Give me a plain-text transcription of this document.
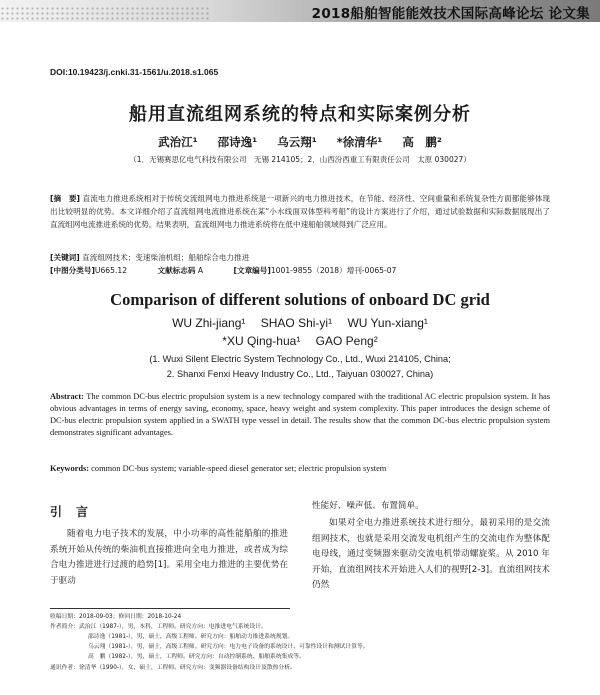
2018船舶智能能效技术国际高峰论坛 论文集
DOI:10.19423/j.cnki.31-1561/u.2018.s1.065
船用直流组网系统的特点和实际案例分析
武治江¹ 邵诗逸¹ 乌云翔¹ *徐清华¹ 高　鹏²
（1．无锡赛思亿电气科技有限公司　无锡 214105；2．山西汾西重工有限责任公司　太原 030027）
[摘　要] 直流电力推进系统相对于传统交流组网电力推进系统是一项新兴的电力推进技术，在节能、经济性、空间重量和系统复杂性方面都能够体现出比较明显的优势。本文详细介绍了直流组网电流推进系统在某“小水线面双体型科考船”的设计方案进行了介绍，通过试验数据和实际数据展现出了直流组网电流推进系统的优势。结果表明，直流组网电力推进系统将在低中速船舶领域得到广泛应用。
[关键词] 直流组网技术；变速柴油机组；船舶综合电力推进
[中图分类号]U665.12	文献标志码 A	[文章编号]1001-9855（2018）增刊-0065-07
Comparison of different solutions of onboard DC grid
WU Zhi-jiang¹ SHAO Shi-yi¹ WU Yun-xiang¹
*XU Qing-hua¹ GAO Peng²
(1. Wuxi Silent Electric System Technology Co., Ltd., Wuxi 214105, China;
2. Shanxi Fenxi Heavy Industry Co., Ltd., Taiyuan 030027, China)
Abstract: The common DC-bus electric propulsion system is a new technology compared with the traditional AC electric propulsion system. It has obvious advantages in terms of energy saving, economy, space, heavy weight and system complexity. This paper introduces the design scheme of DC-bus electric propulsion system applied in a SWATH type vessel in detail. The results show that the common DC-bus electric propulsion system demonstrates significant advantages.
Keywords: common DC-bus system; variable-speed diesel generator set; electric propulsion system
引言
随着电力电子技术的发展，中小功率的高性能船舶的推进系统开始从传统的柴油机直接推进向全电力推进，或者成为综合电力推进进行过渡的趋势[1]。采用全电力推进的主要优势在于驱动
性能好、噪声低、布置简单。
如果对全电力推进系统技术进行细分，最初采用的是交流组网技术，也就是采用交流发电机组产生的交流电作为整体配电母线，通过变频器来驱动交流电机带动螺旋桨。从 2010 年开始，直流组网技术开始进入人们的视野[2-3]。直流组网技术仍然
收稿日期：2018-09-03；修回日期：2018-10-24
作者简介：武治江（1987-），男，本科，工程师。研究方向：电推进电气系统设计。
邵诗逸（1981-），男，硕士，高级工程师。研究方向：船舶动力推进系统规划。
乌云翔（1981-），男，硕士，高级工程师。研究方向：电力电子设备的系统设计、可靠性设计和测试计算等。
高　鹏（1982-），男，硕士，工程师。研究方向：自动控制系统、船舶系统集成等。
通讯作者：徐清华（1990-），女，硕士，工程师。研究方向：变频器设备结构设计及散热分析。
